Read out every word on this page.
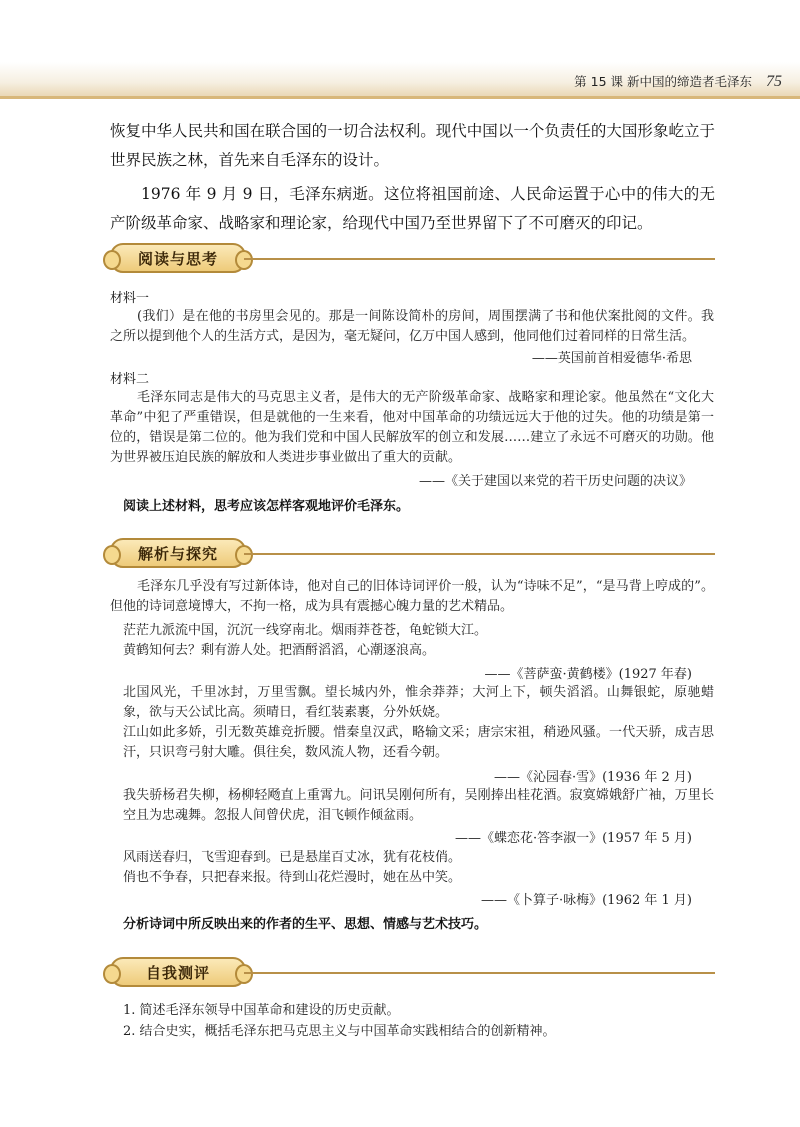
第 15 课 新中国的缔造者毛泽东 75

恢复中华人民共和国在联合国的一切合法权利。现代中国以一个负责任的大国形象屹立于世界民族之林，首先来自毛泽东的设计。

1976 年 9 月 9 日，毛泽东病逝。这位将祖国前途、人民命运置于心中的伟大的无产阶级革命家、战略家和理论家，给现代中国乃至世界留下了不可磨灭的印记。

阅读与思考
材料一

(我们）是在他的书房里会见的。那是一间陈设简朴的房间，周围摆满了书和他伏案批阅的文件。我之所以提到他个人的生活方式，是因为，毫无疑问，亿万中国人感到，他同他们过着同样的日常生活。

——英国前首相爱德华·希思
材料二

毛泽东同志是伟大的马克思主义者，是伟大的无产阶级革命家、战略家和理论家。他虽然在“文化大革命”中犯了严重错误，但是就他的一生来看，他对中国革命的功绩远远大于他的过失。他的功绩是第一位的，错误是第二位的。他为我们党和中国人民解放军的创立和发展……建立了永远不可磨灭的功勋。他为世界被压迫民族的解放和人类进步事业做出了重大的贡献。

——《关于建国以来党的若干历史问题的决议》
阅读上述材料，思考应该怎样客观地评价毛泽东。
解析与探究

毛泽东几乎没有写过新体诗，他对自己的旧体诗词评价一般，认为“诗味不足”，“是马背上哼成的”。但他的诗词意境博大，不拘一格，成为具有震撼心魄力量的艺术精品。

茫茫九派流中国，沉沉一线穿南北。烟雨莽苍苍，龟蛇锁大江。
黄鹤知何去？剩有游人处。把酒酹滔滔，心潮逐浪高。

——《菩萨蛮·黄鹤楼》(1927 年春)

北国风光，千里冰封，万里雪飘。望长城内外，惟余莽莽；大河上下，顿失滔滔。山舞银蛇，原驰蜡象，欲与天公试比高。须晴日，看红装素裹，分外妖娆。
江山如此多娇，引无数英雄竞折腰。惜秦皇汉武，略输文采；唐宗宋祖，稍逊风骚。一代天骄，成吉思汗，只识弯弓射大雕。俱往矣，数风流人物，还看今朝。

——《沁园春·雪》(1936 年 2 月)

我失骄杨君失柳，杨柳轻飏直上重霄九。问讯吴刚何所有，吴刚捧出桂花酒。寂寞嫦娥舒广袖，万里长空且为忠魂舞。忽报人间曾伏虎，泪飞顿作倾盆雨。

——《蝶恋花·答李淑一》(1957 年 5 月)

风雨送春归，飞雪迎春到。已是悬崖百丈冰，犹有花枝俏。
俏也不争春，只把春来报。待到山花烂漫时，她在丛中笑。

——《卜算子·咏梅》(1962 年 1 月)
分析诗词中所反映出来的作者的生平、思想、情感与艺术技巧。
自我测评
1. 简述毛泽东领导中国革命和建设的历史贡献。
2. 结合史实，概括毛泽东把马克思主义与中国革命实践相结合的创新精神。
